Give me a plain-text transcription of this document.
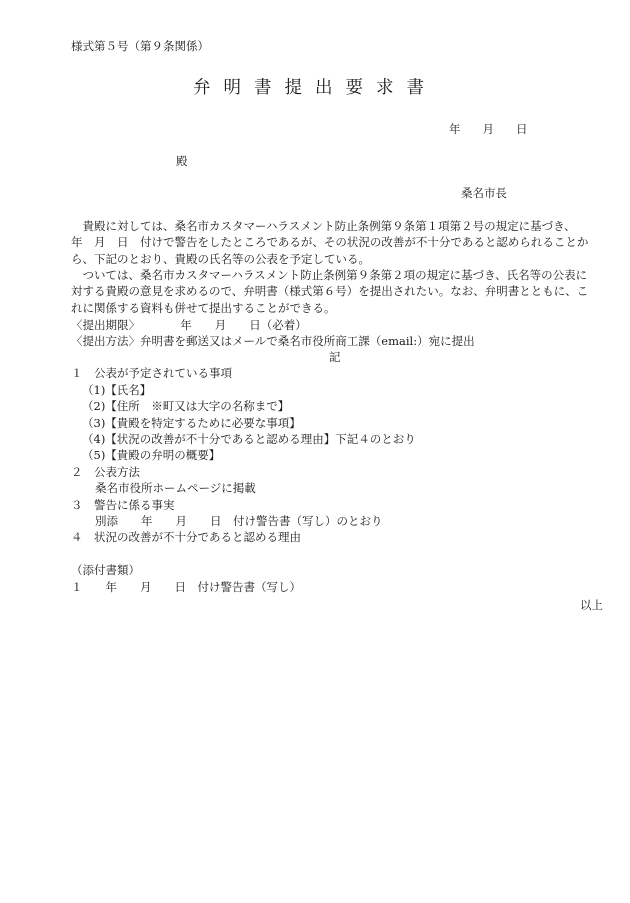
様式第５号（第９条関係）
弁明書提出要求書
年 月 日
殿
桑名市長
　貴殿に対しては、桑名市カスタマーハラスメント防止条例第９条第１項第２号の規定に基づき、　年　月　日　付けで警告をしたところであるが、その状況の改善が不十分であると認められることから、下記のとおり、貴殿の氏名等の公表を予定している。
　ついては、桑名市カスタマーハラスメント防止条例第９条第２項の規定に基づき、氏名等の公表に対する貴殿の意見を求めるので、弁明書（様式第６号）を提出されたい。なお、弁明書とともに、これに関係する資料も併せて提出することができる。
〈提出期限〉　　　　年　　月　　日（必着）
〈提出方法〉弁明書を郵送又はメールで桑名市役所商工課（email:）宛に提出
記
１　公表が予定されている事項
（1)【氏名】
（2)【住所　※町又は大字の名称まで】
（3)【貴殿を特定するために必要な事項】
（4)【状況の改善が不十分であると認める理由】下記４のとおり
（5)【貴殿の弁明の概要】
２　公表方法
桑名市役所ホームページに掲載
３　警告に係る事実
別添　　年　　月　　日　付け警告書（写し）のとおり
４　状況の改善が不十分であると認める理由
（添付書類）
１　　年　　月　　日　付け警告書（写し）
以上
